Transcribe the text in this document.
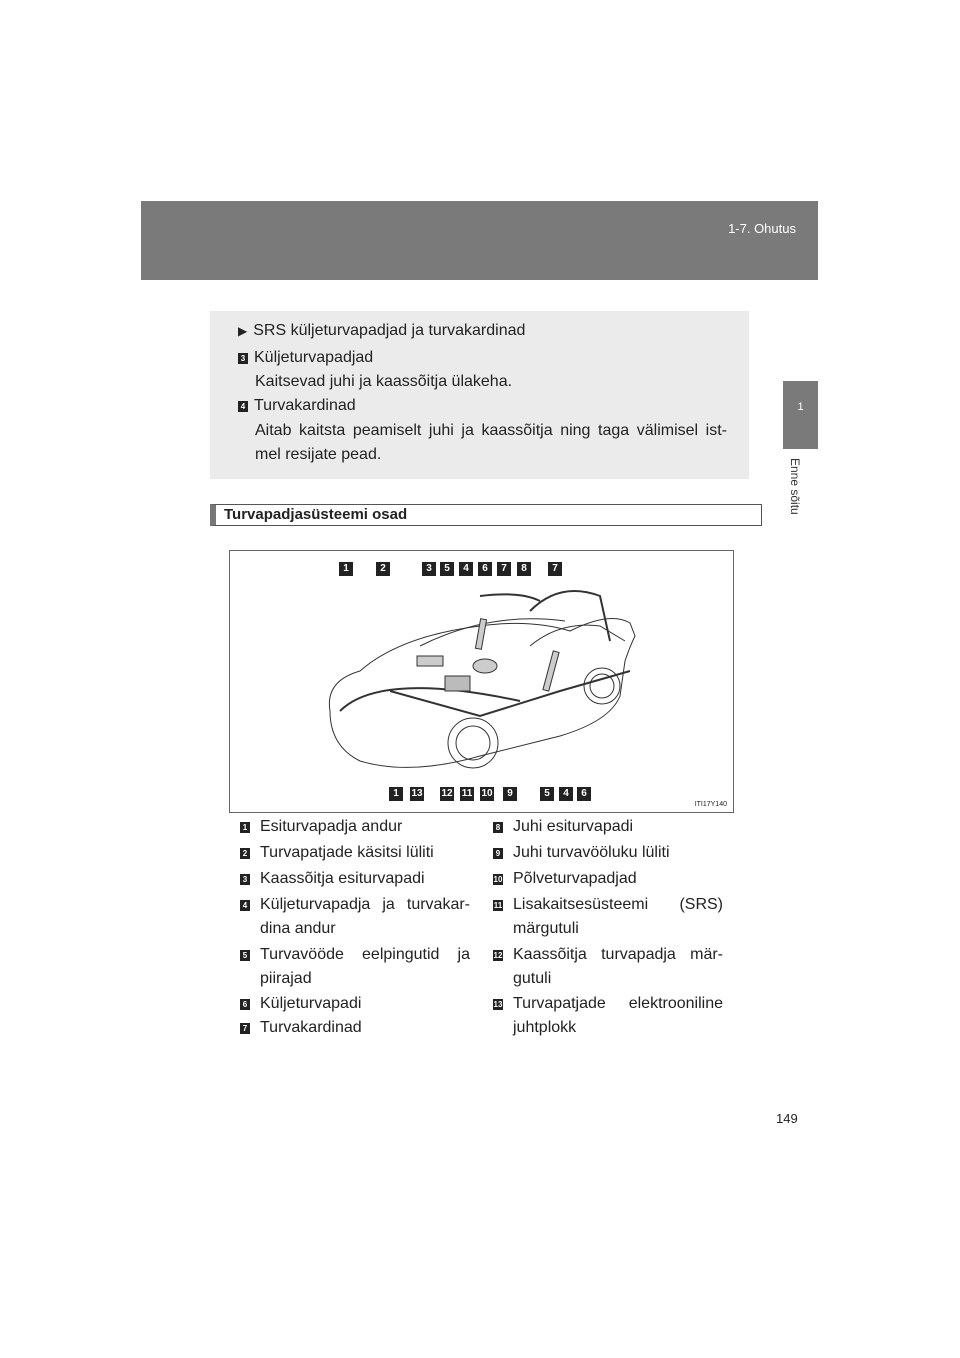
1-7. Ohutus
1
Enne sõitu
▶ SRS küljeturvapadjad ja turvakardinad
3 Küljeturvapadjad
Kaitsevad juhi ja kaassõitja ülakeha.
4 Turvakardinad
Aitab kaitsta peamiselt juhi ja kaassõitja ning taga välimisel ist-
mel resijate pead.
Turvapadjasüsteemi osad
1	2	3	5	4	6	7	8	7
1	13 12 11 10	9	5	4	6
ITI17Y140
1 Esiturvapadja andur
2 Turvapatjade käsitsi lüliti
3 Kaassõitja esiturvapadi
4 Küljeturvapadja ja turvakar-dina andur
5 Turvavööde eelpingutid ja piirajad
6 Küljeturvapadi
7 Turvakardinad
8 Juhi esiturvapadi
9 Juhi turvavööluku lüliti
10 Põlveturvapadjad
11 Lisakaitsesüsteemi (SRS) märgutuli
12 Kaassõitja turvapadja mär-gutuli
13 Turvapatjade elektrooniline juhtplokk
149
